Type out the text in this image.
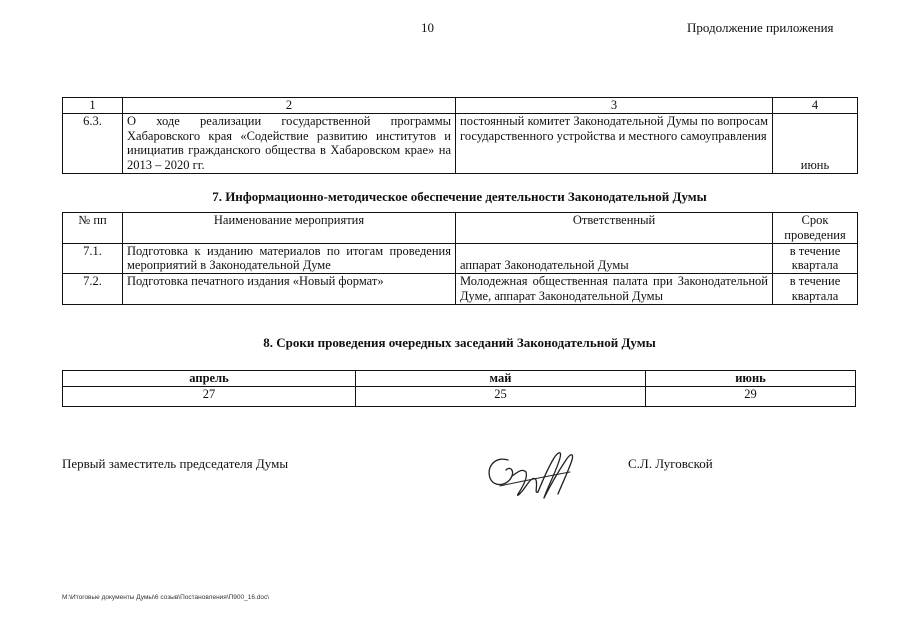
10	Продолжение приложения
1	2	3	4
6.3.	О ходе реализации государственной программы Хабаровского края «Содействие развитию институтов и инициатив гражданского общества в Хабаровском крае» на 2013 – 2020 гг.	постоянный комитет Законодательной Думы по вопросам государственного устройства и местного самоуправления	июнь
7. Информационно-методическое обеспечение деятельности Законодательной Думы
№ пп	Наименование мероприятия	Ответственный	Срок проведения
7.1.	Подготовка к изданию материалов по итогам проведения мероприятий в Законодательной Думе	аппарат Законодательной Думы	в течение квартала
7.2.	Подготовка печатного издания «Новый формат»	Молодежная общественная палата при Законодательной Думе, аппарат Законодательной Думы	в течение квартала
8. Сроки проведения очередных заседаний Законодательной Думы
апрель	май	июнь
27	25	29
Первый заместитель председателя Думы	С.Л. Луговской
M:\Итоговые документы Думы\6 созыв\Постановления\П900_16.doc\
